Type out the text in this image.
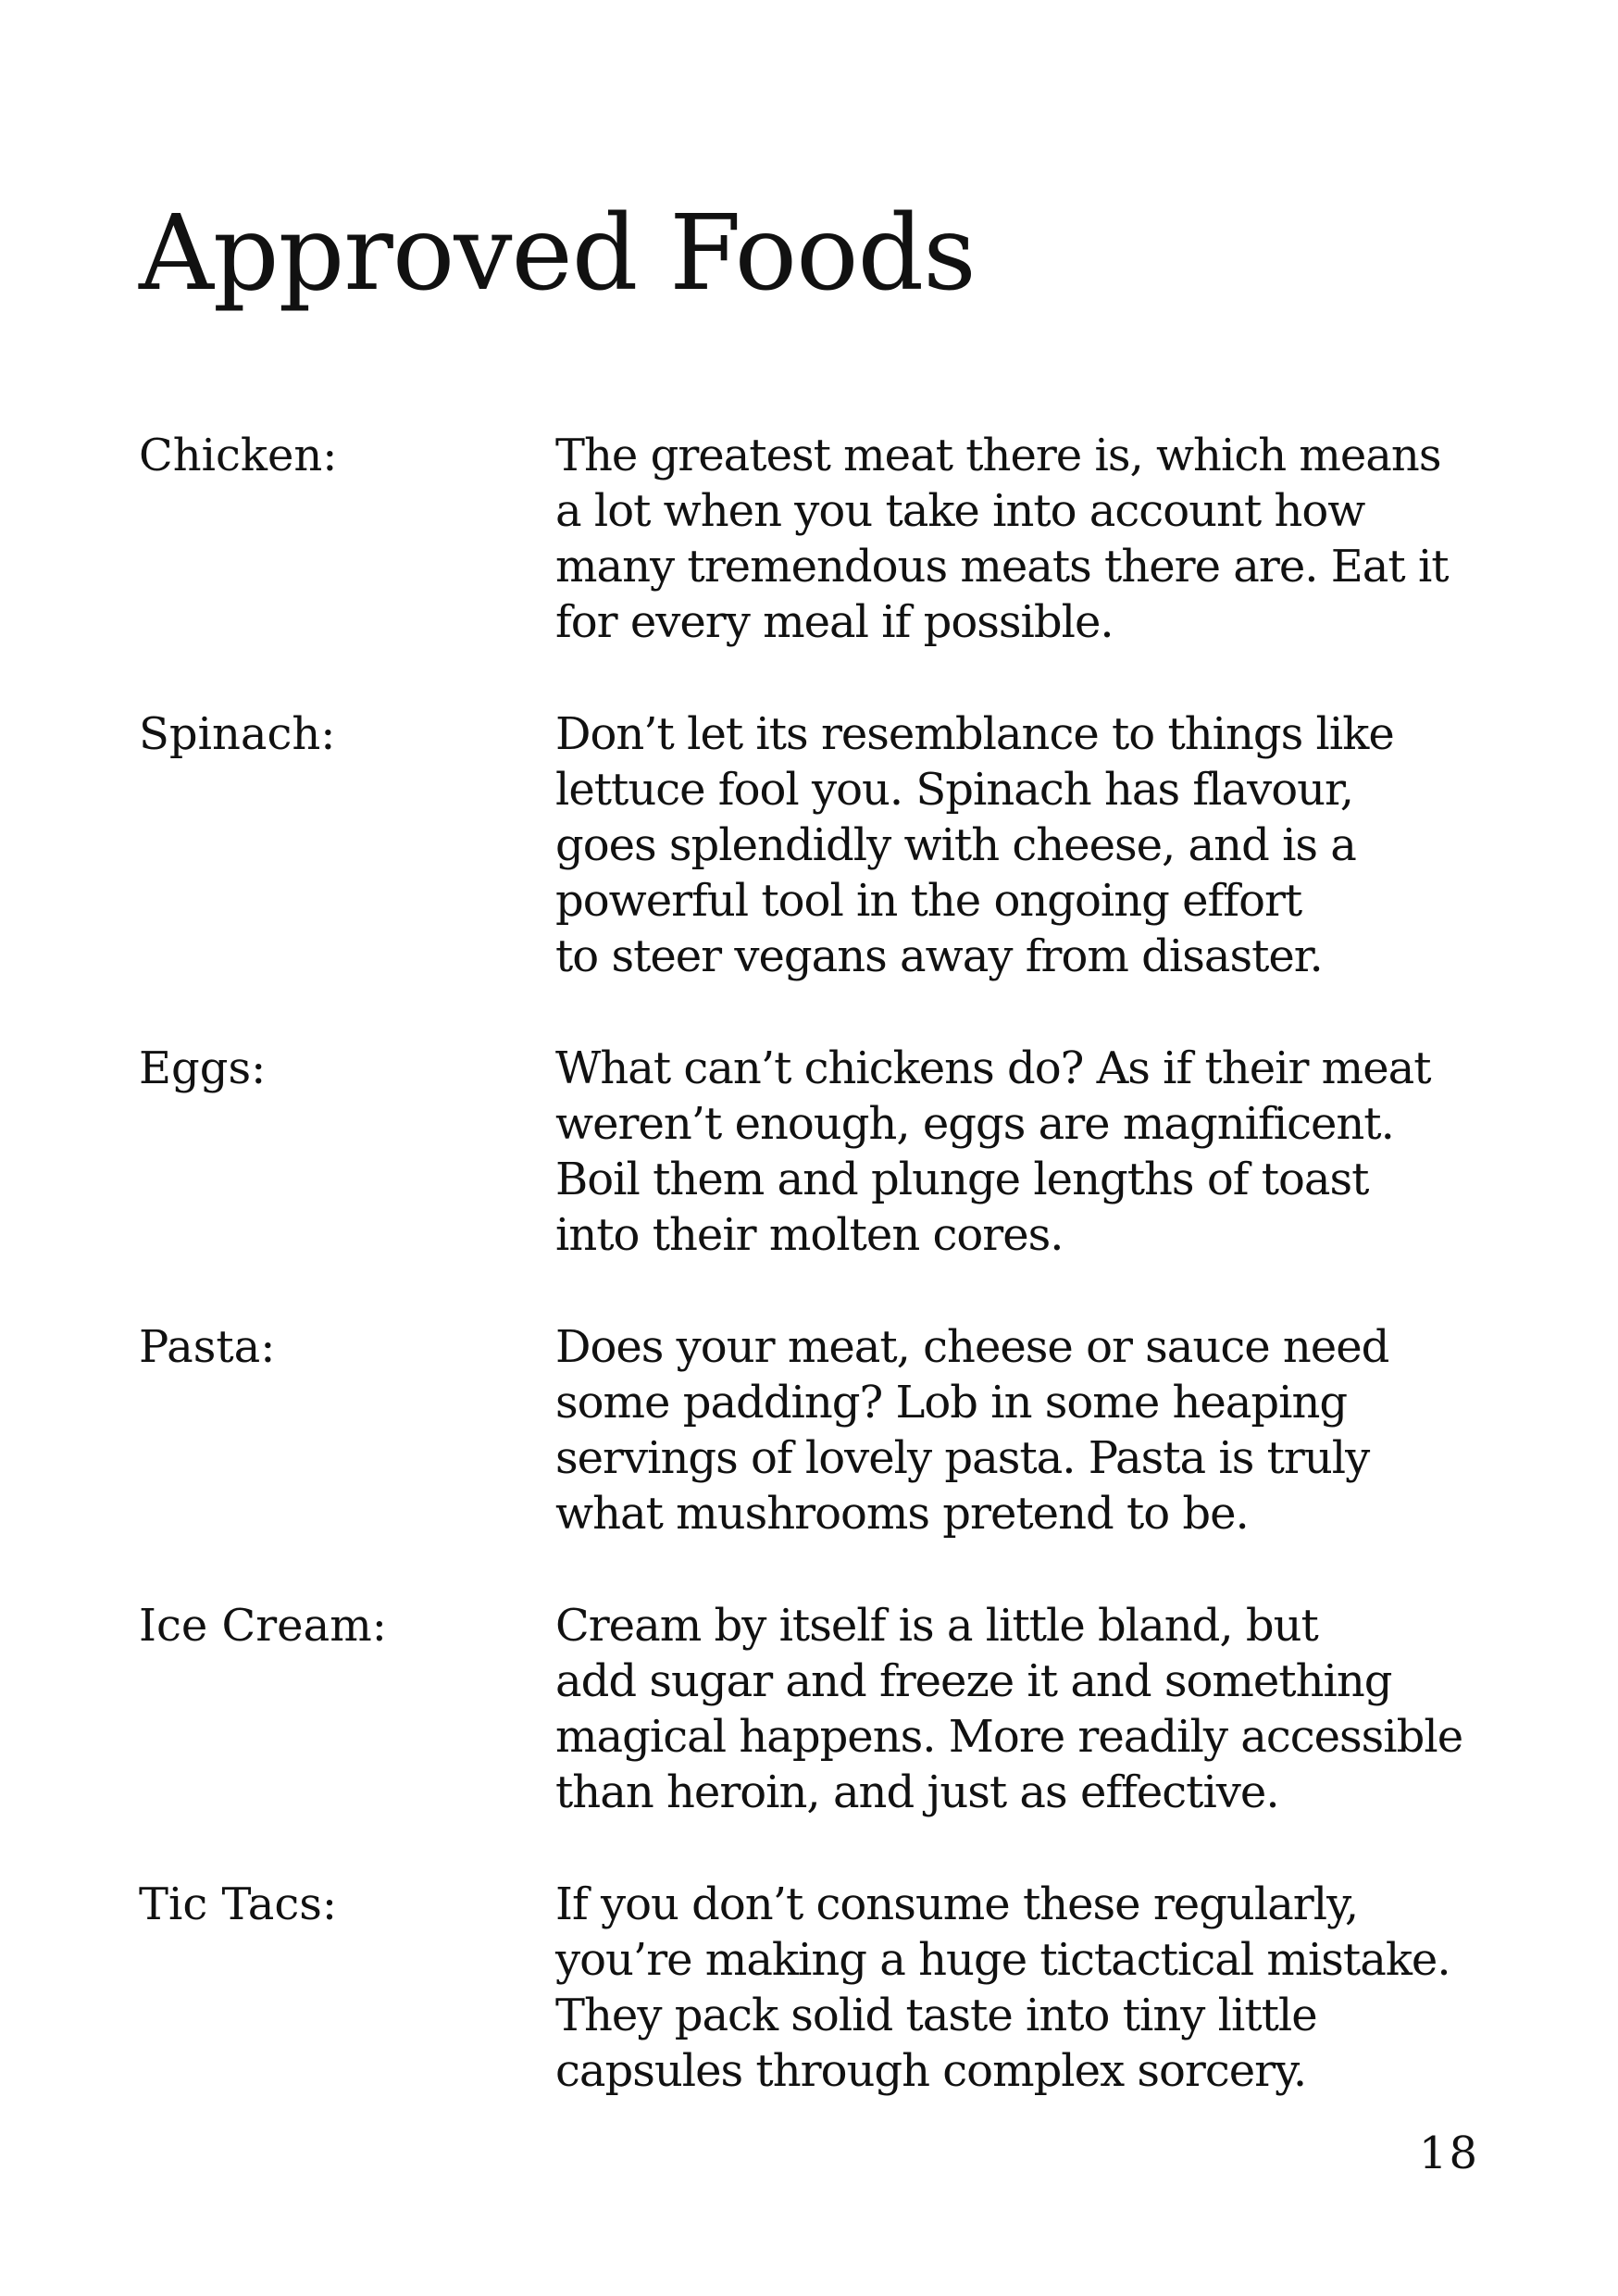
Approved Foods
Chicken:	The greatest meat there is, which means
a lot when you take into account how
many tremendous meats there are. Eat it
for every meal if possible.
Spinach:	Don’t let its resemblance to things like
lettuce fool you. Spinach has flavour,
goes splendidly with cheese, and is a
powerful tool in the ongoing effort
to steer vegans away from disaster.
Eggs:	What can’t chickens do? As if their meat
weren’t enough, eggs are magnificent.
Boil them and plunge lengths of toast
into their molten cores.
Pasta:	Does your meat, cheese or sauce need
some padding? Lob in some heaping
servings of lovely pasta. Pasta is truly
what mushrooms pretend to be.
Ice Cream:	Cream by itself is a little bland, but
add sugar and freeze it and something
magical happens. More readily accessible
than heroin, and just as effective.
Tic Tacs:	If you don’t consume these regularly,
you’re making a huge tictactical mistake.
They pack solid taste into tiny little
capsules through complex sorcery.
18
